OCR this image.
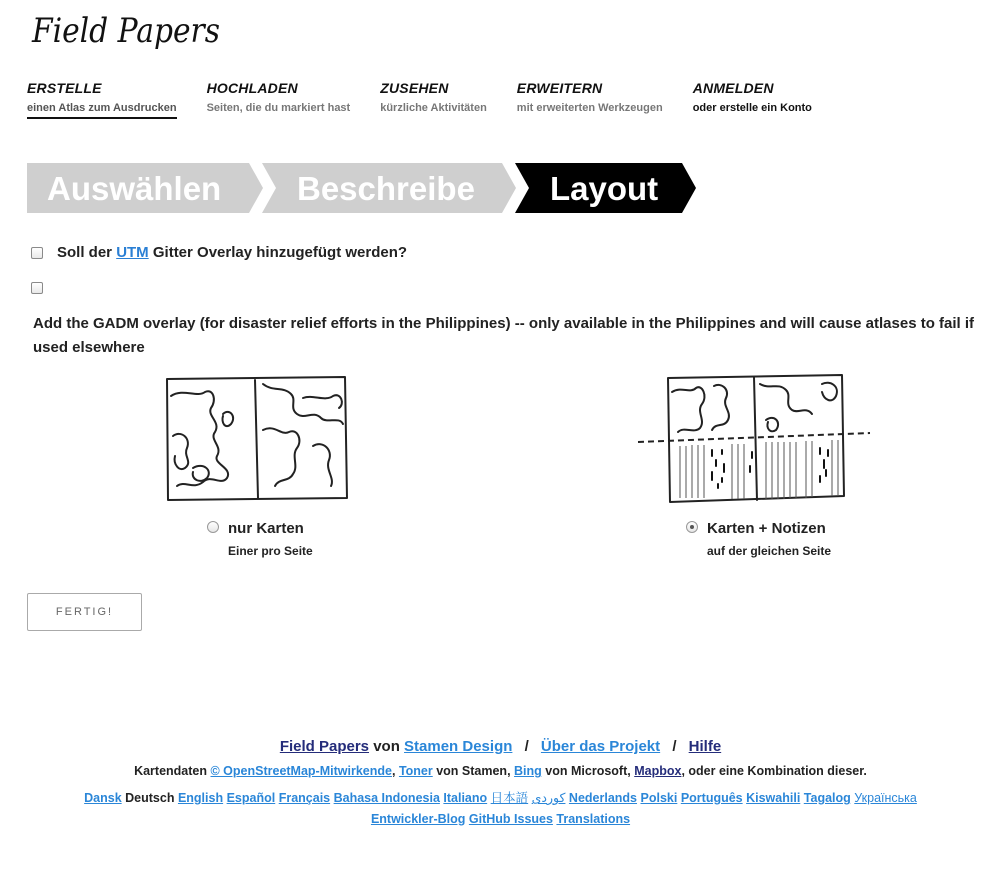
Field Papers
ERSTELLE
einen Atlas zum Ausdrucken
HOCHLADEN
Seiten, die du markiert hast
ZUSEHEN
kürzliche Aktivitäten
ERWEITERN
mit erweiterten Werkzeugen
ANMELDEN
oder erstelle ein Konto
Auswählen Beschreibe Layout
Soll der UTM Gitter Overlay hinzugefügt werden?
Add the GADM overlay (for disaster relief efforts in the Philippines) -- only available in the Philippines and will cause atlases to fail if used elsewhere
nur Karten
Einer pro Seite
Karten + Notizen
auf der gleichen Seite
FERTIG!
Field Papers von Stamen Design / Über das Projekt / Hilfe
Kartendaten © OpenStreetMap-Mitwirkende, Toner von Stamen, Bing von Microsoft, Mapbox, oder eine Kombination dieser.
Dansk Deutsch English Español Français Bahasa Indonesia Italiano 日本語 کوردی Nederlands Polski Português Kiswahili Tagalog Українська
Entwickler-Blog GitHub Issues Translations
